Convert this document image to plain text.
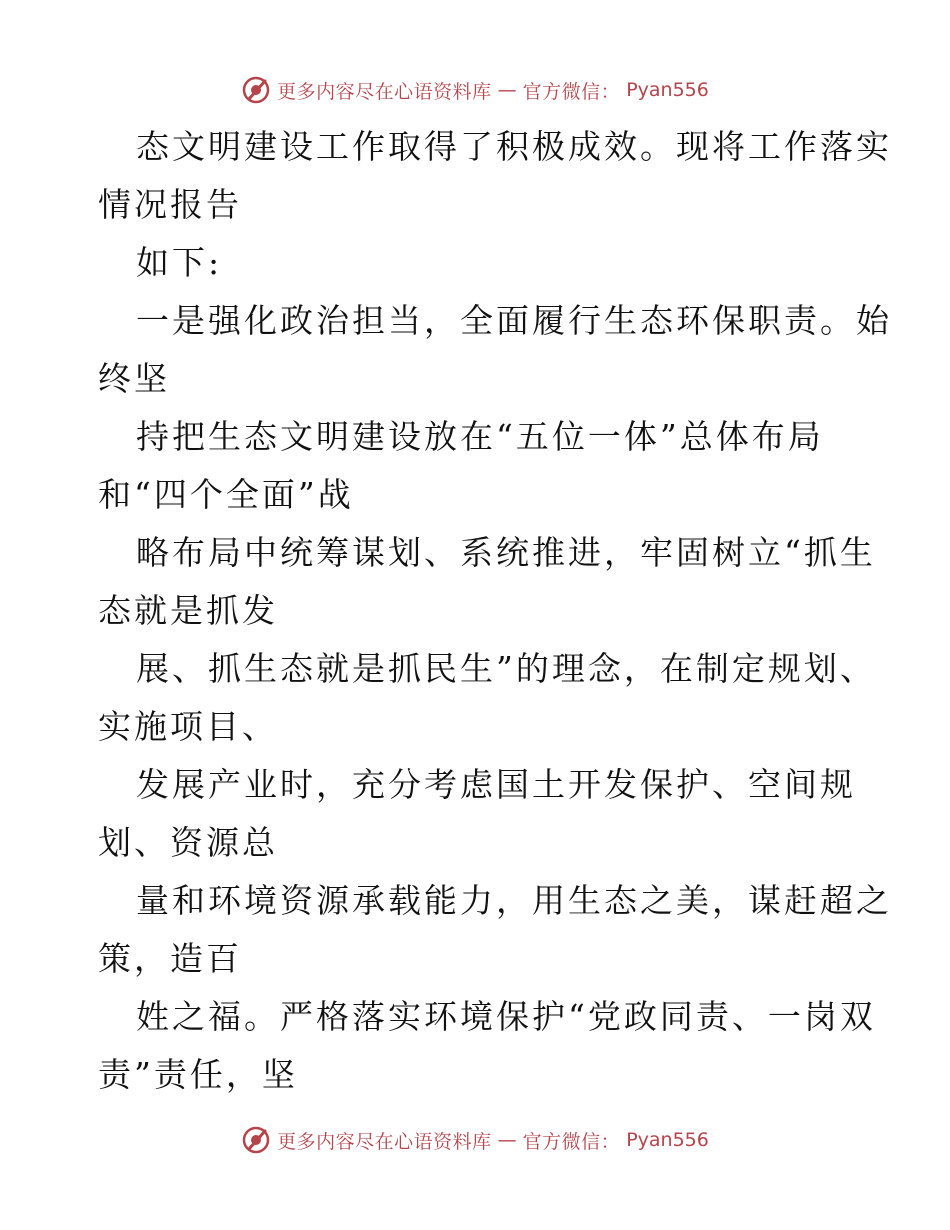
更多内容尽在心语资料库 — 官方微信： Pyan556
态文明建设工作取得了积极成效。现将工作落实
情况报告
如下:
一是强化政治担当，全面履行生态环保职责。始
终坚
持把生态文明建设放在“五位一体”总体布局
和“四个全面”战
略布局中统筹谋划、系统推进，牢固树立“抓生
态就是抓发
展、抓生态就是抓民生”的理念，在制定规划、
实施项目、
发展产业时，充分考虑国土开发保护、空间规
划、资源总
量和环境资源承载能力，用生态之美，谋赶超之
策，造百
姓之福。严格落实环境保护“党政同责、一岗双
责”责任，坚
更多内容尽在心语资料库 — 官方微信： Pyan556
